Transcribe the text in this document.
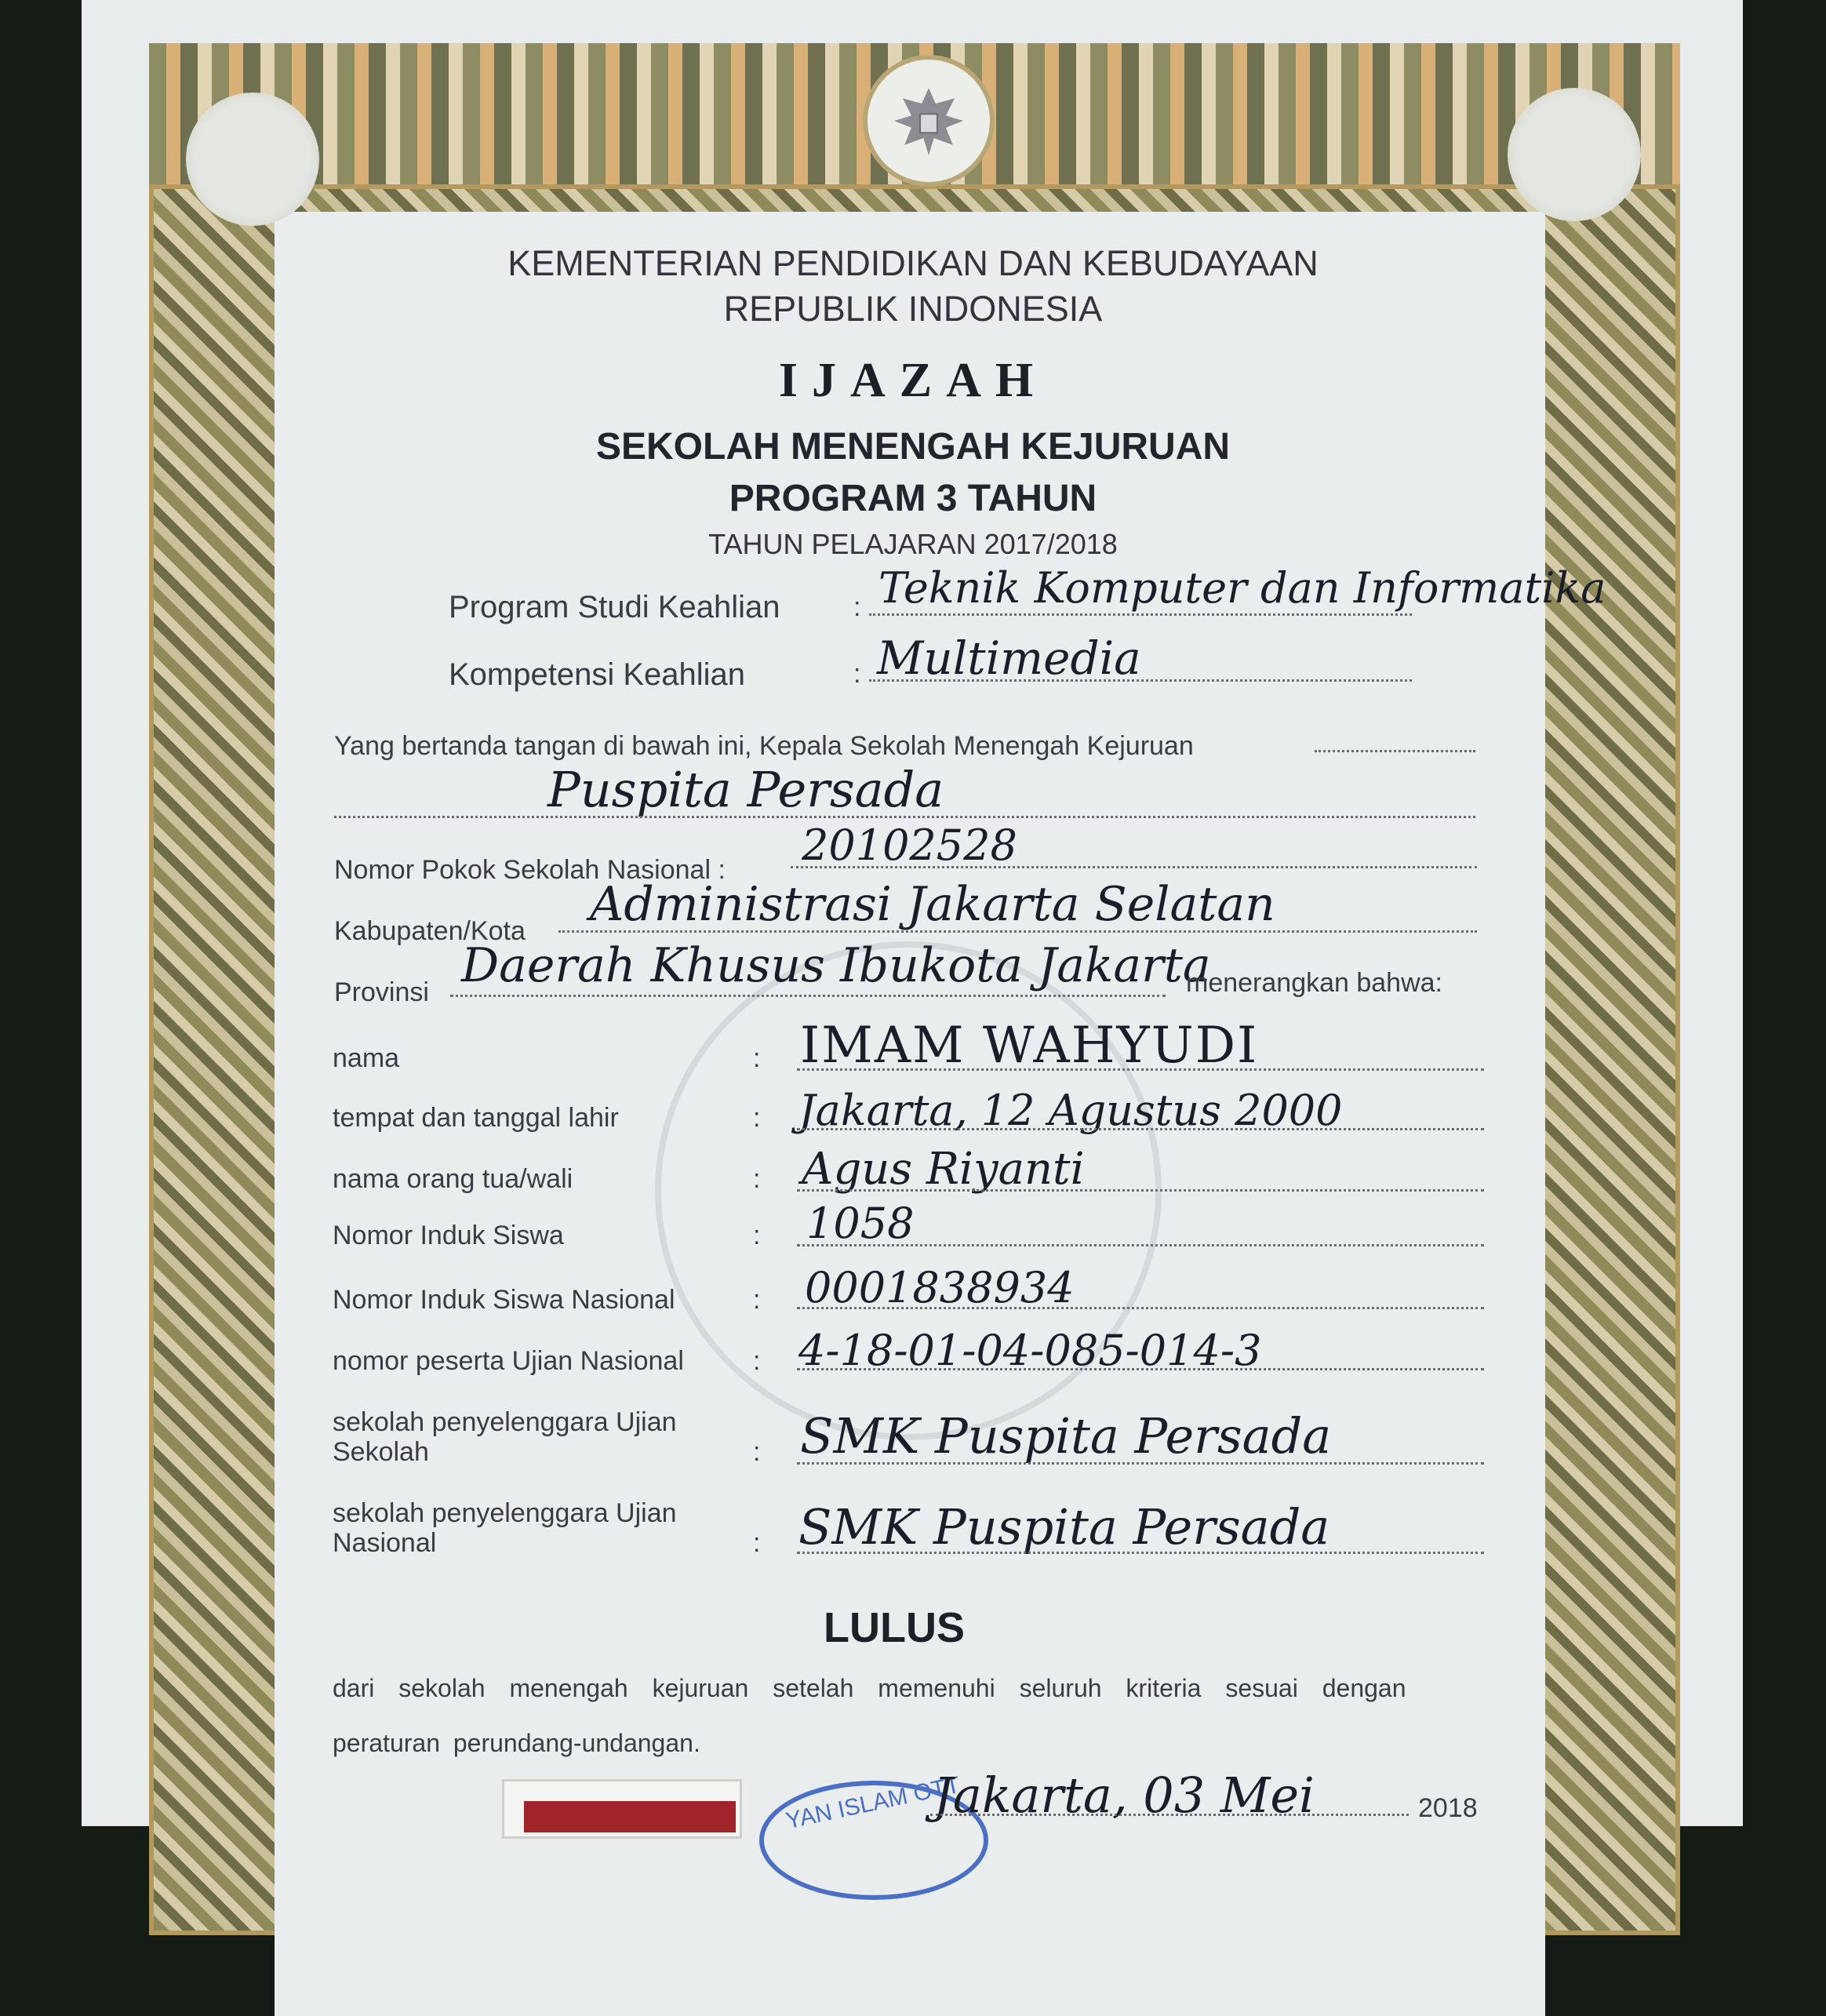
KEMENTERIAN PENDIDIKAN DAN KEBUDAYAAN
REPUBLIK INDONESIA
IJAZAH
SEKOLAH MENENGAH KEJURUAN
PROGRAM 3 TAHUN
TAHUN PELAJARAN 2017/2018
Program Studi Keahlian	: Teknik Komputer dan Informatika
Kompetensi Keahlian	: Multimedia
Yang bertanda tangan di bawah ini, Kepala Sekolah Menengah Kejuruan
Puspita Persada
Nomor Pokok Sekolah Nasional : 20102528
Kabupaten/Kota Administrasi Jakarta Selatan
Provinsi Daerah Khusus Ibukota Jakarta
menerangkan bahwa:
nama	: IMAM WAHYUDI
tempat dan tanggal lahir	: Jakarta, 12 Agustus 2000
nama orang tua/wali	: Agus Riyanti
Nomor Induk Siswa	: 1058
Nomor Induk Siswa Nasional	: 0001838934
nomor peserta Ujian Nasional	: 4-18-01-04-085-014-3
sekolah penyelenggara Ujian
Sekolah	: SMK Puspita Persada
sekolah penyelenggara Ujian
Nasional	: SMK Puspita Persada
LULUS
dari sekolah menengah kejuruan setelah memenuhi seluruh kriteria sesuai dengan
peraturan perundang-undangan.
YAN ISLAM OTT
Jakarta, 03 Mei	2018
